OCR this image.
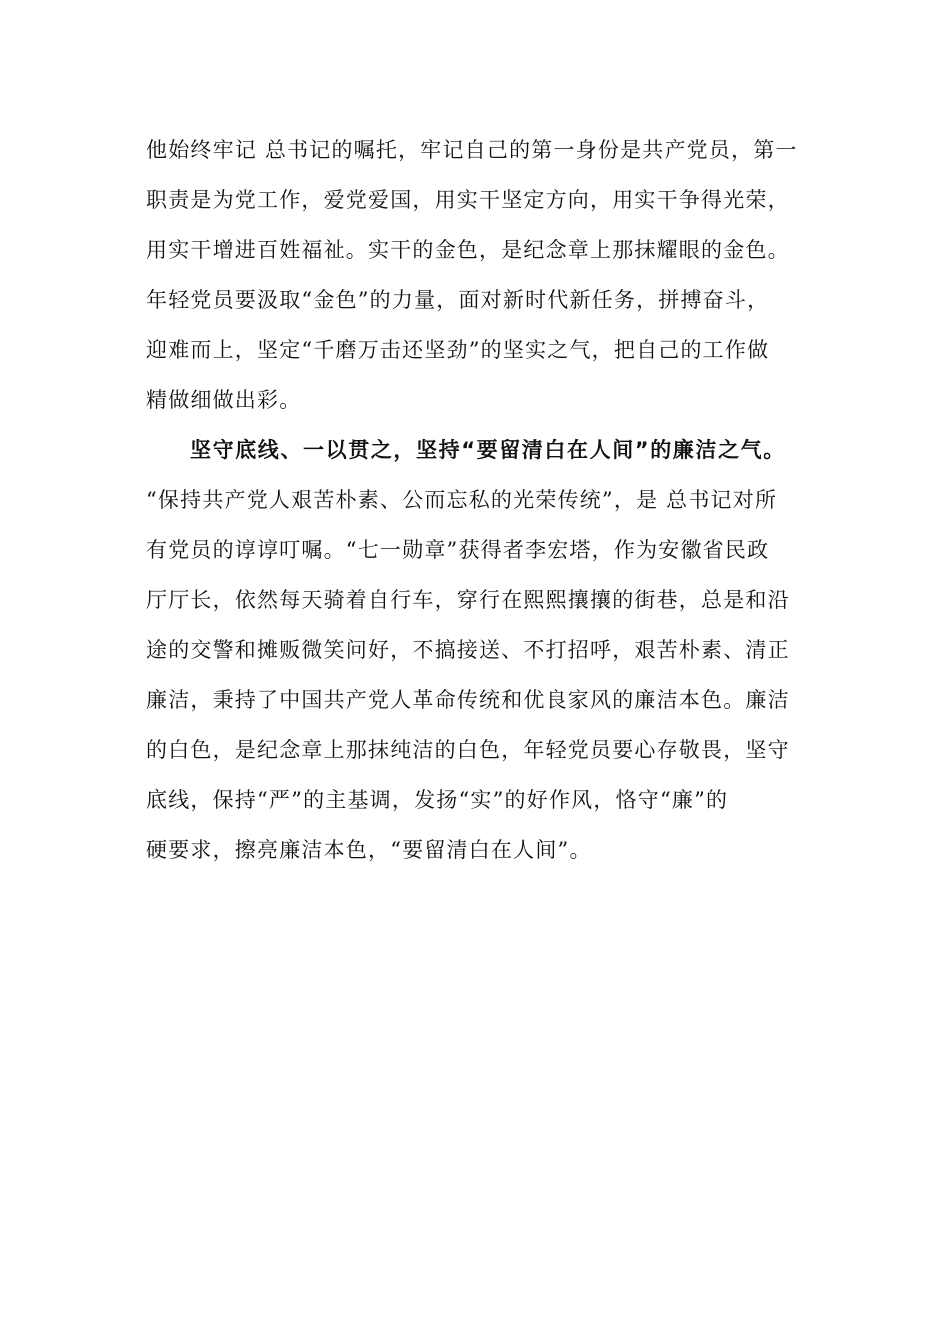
他始终牢记 总书记的嘱托，牢记自己的第一身份是共产党员，第一
职责是为党工作，爱党爱国，用实干坚定方向，用实干争得光荣，
用实干增进百姓福祉。实干的金色，是纪念章上那抹耀眼的金色。
年轻党员要汲取“金色”的力量，面对新时代新任务，拼搏奋斗，
迎难而上，坚定“千磨万击还坚劲”的坚实之气，把自己的工作做
精做细做出彩。
坚守底线、一以贯之，坚持“要留清白在人间”的廉洁之气。
“保持共产党人艰苦朴素、公而忘私的光荣传统”，是 总书记对所
有党员的谆谆叮嘱。“七一勋章”获得者李宏塔，作为安徽省民政
厅厅长，依然每天骑着自行车，穿行在熙熙攘攘的街巷，总是和沿
途的交警和摊贩微笑问好，不搞接送、不打招呼，艰苦朴素、清正
廉洁，秉持了中国共产党人革命传统和优良家风的廉洁本色。廉洁
的白色，是纪念章上那抹纯洁的白色，年轻党员要心存敬畏，坚守
底线，保持“严”的主基调，发扬“实”的好作风，恪守“廉”的
硬要求，擦亮廉洁本色，“要留清白在人间”。
